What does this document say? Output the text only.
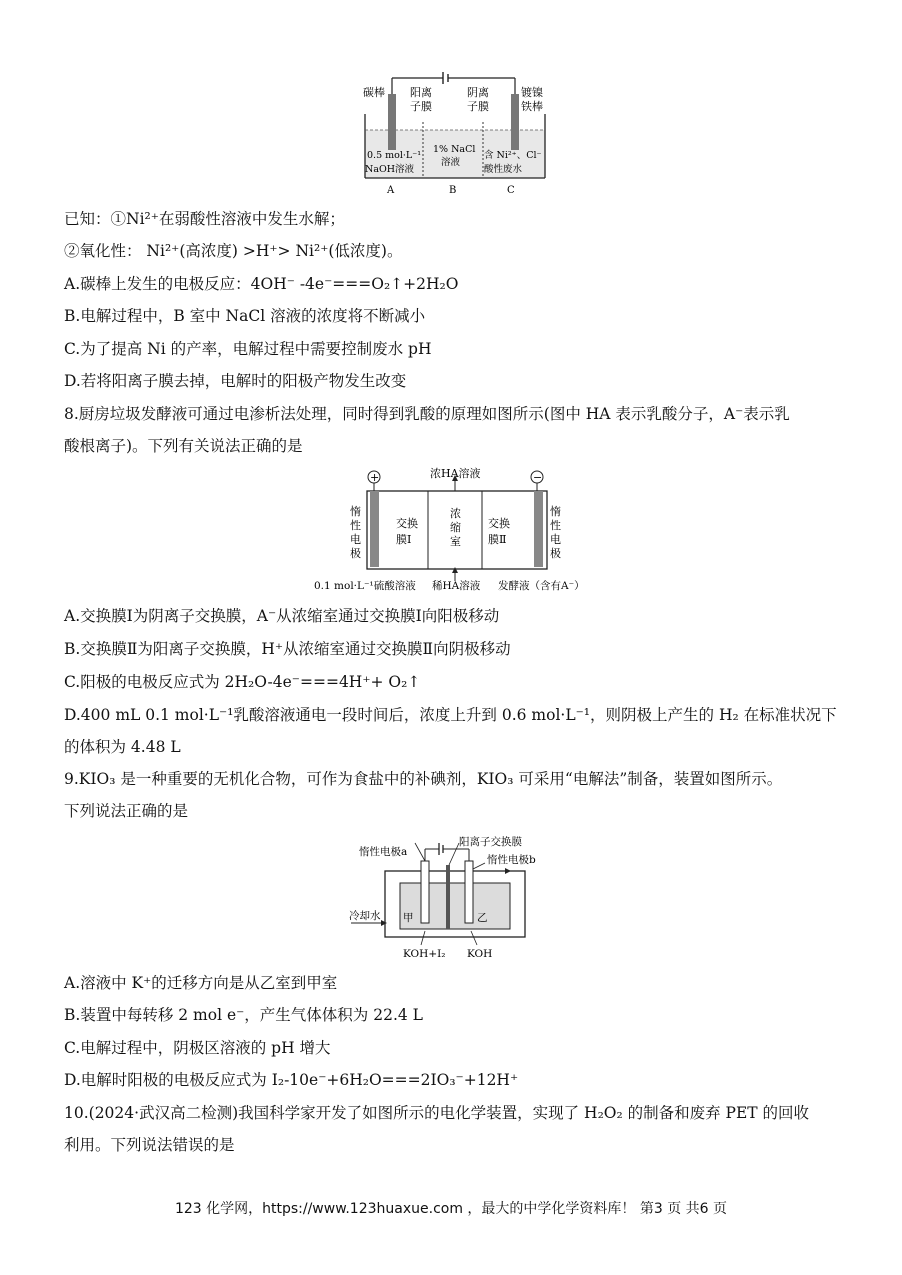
碳棒 阳离
子膜
阴离
子膜
镀镍
铁棒
0.5 mol·L⁻¹
NaOH溶液
1% NaCl
溶液
含 Ni²⁺、Cl⁻
酸性废水
A	B	C
已知：①Ni²⁺在弱酸性溶液中发生水解；
②氧化性： Ni²⁺(高浓度) >H⁺> Ni²⁺(低浓度)。
A.碳棒上发生的电极反应：4OH⁻ -4e⁻===O₂↑+2H₂O
B.电解过程中，B 室中 NaCl 溶液的浓度将不断减小
C.为了提高 Ni 的产率，电解过程中需要控制废水 pH
D.若将阳离子膜去掉，电解时的阳极产物发生改变
8.厨房垃圾发酵液可通过电渗析法处理，同时得到乳酸的原理如图所示(图中 HA 表示乳酸分子，A⁻表示乳
酸根离子)。下列有关说法正确的是
+	−
浓HA溶液
惰
性
电
极
惰
性
电
极
交换
膜Ⅰ
浓
缩
室
交换
膜Ⅱ
0.1 mol·L⁻¹硫酸溶液 稀HA溶液 发酵液（含有A⁻）
A.交换膜Ⅰ为阴离子交换膜，A⁻从浓缩室通过交换膜Ⅰ向阳极移动
B.交换膜Ⅱ为阳离子交换膜，H⁺从浓缩室通过交换膜Ⅱ向阴极移动
C.阳极的电极反应式为 2H₂O-4e⁻===4H⁺+ O₂↑
D.400 mL 0.1 mol·L⁻¹乳酸溶液通电一段时间后，浓度上升到 0.6 mol·L⁻¹，则阴极上产生的 H₂ 在标准状况下
的体积为 4.48 L
9.KIO₃ 是一种重要的无机化合物，可作为食盐中的补碘剂，KIO₃ 可采用“电解法”制备，装置如图所示。
下列说法正确的是
惰性电极a
阳离子交换膜
惰性电极b
冷却水 甲	乙
KOH+I₂ KOH
A.溶液中 K⁺的迁移方向是从乙室到甲室
B.装置中每转移 2 mol e⁻，产生气体体积为 22.4 L
C.电解过程中，阴极区溶液的 pH 增大
D.电解时阳极的电极反应式为 I₂-10e⁻+6H₂O===2IO₃⁻+12H⁺
10.(2024·武汉高二检测)我国科学家开发了如图所示的电化学装置，实现了 H₂O₂ 的制备和废弃 PET 的回收
利用。下列说法错误的是
123 化学网，https://www.123huaxue.com ，最大的中学化学资料库！ 第3 页 共6 页
